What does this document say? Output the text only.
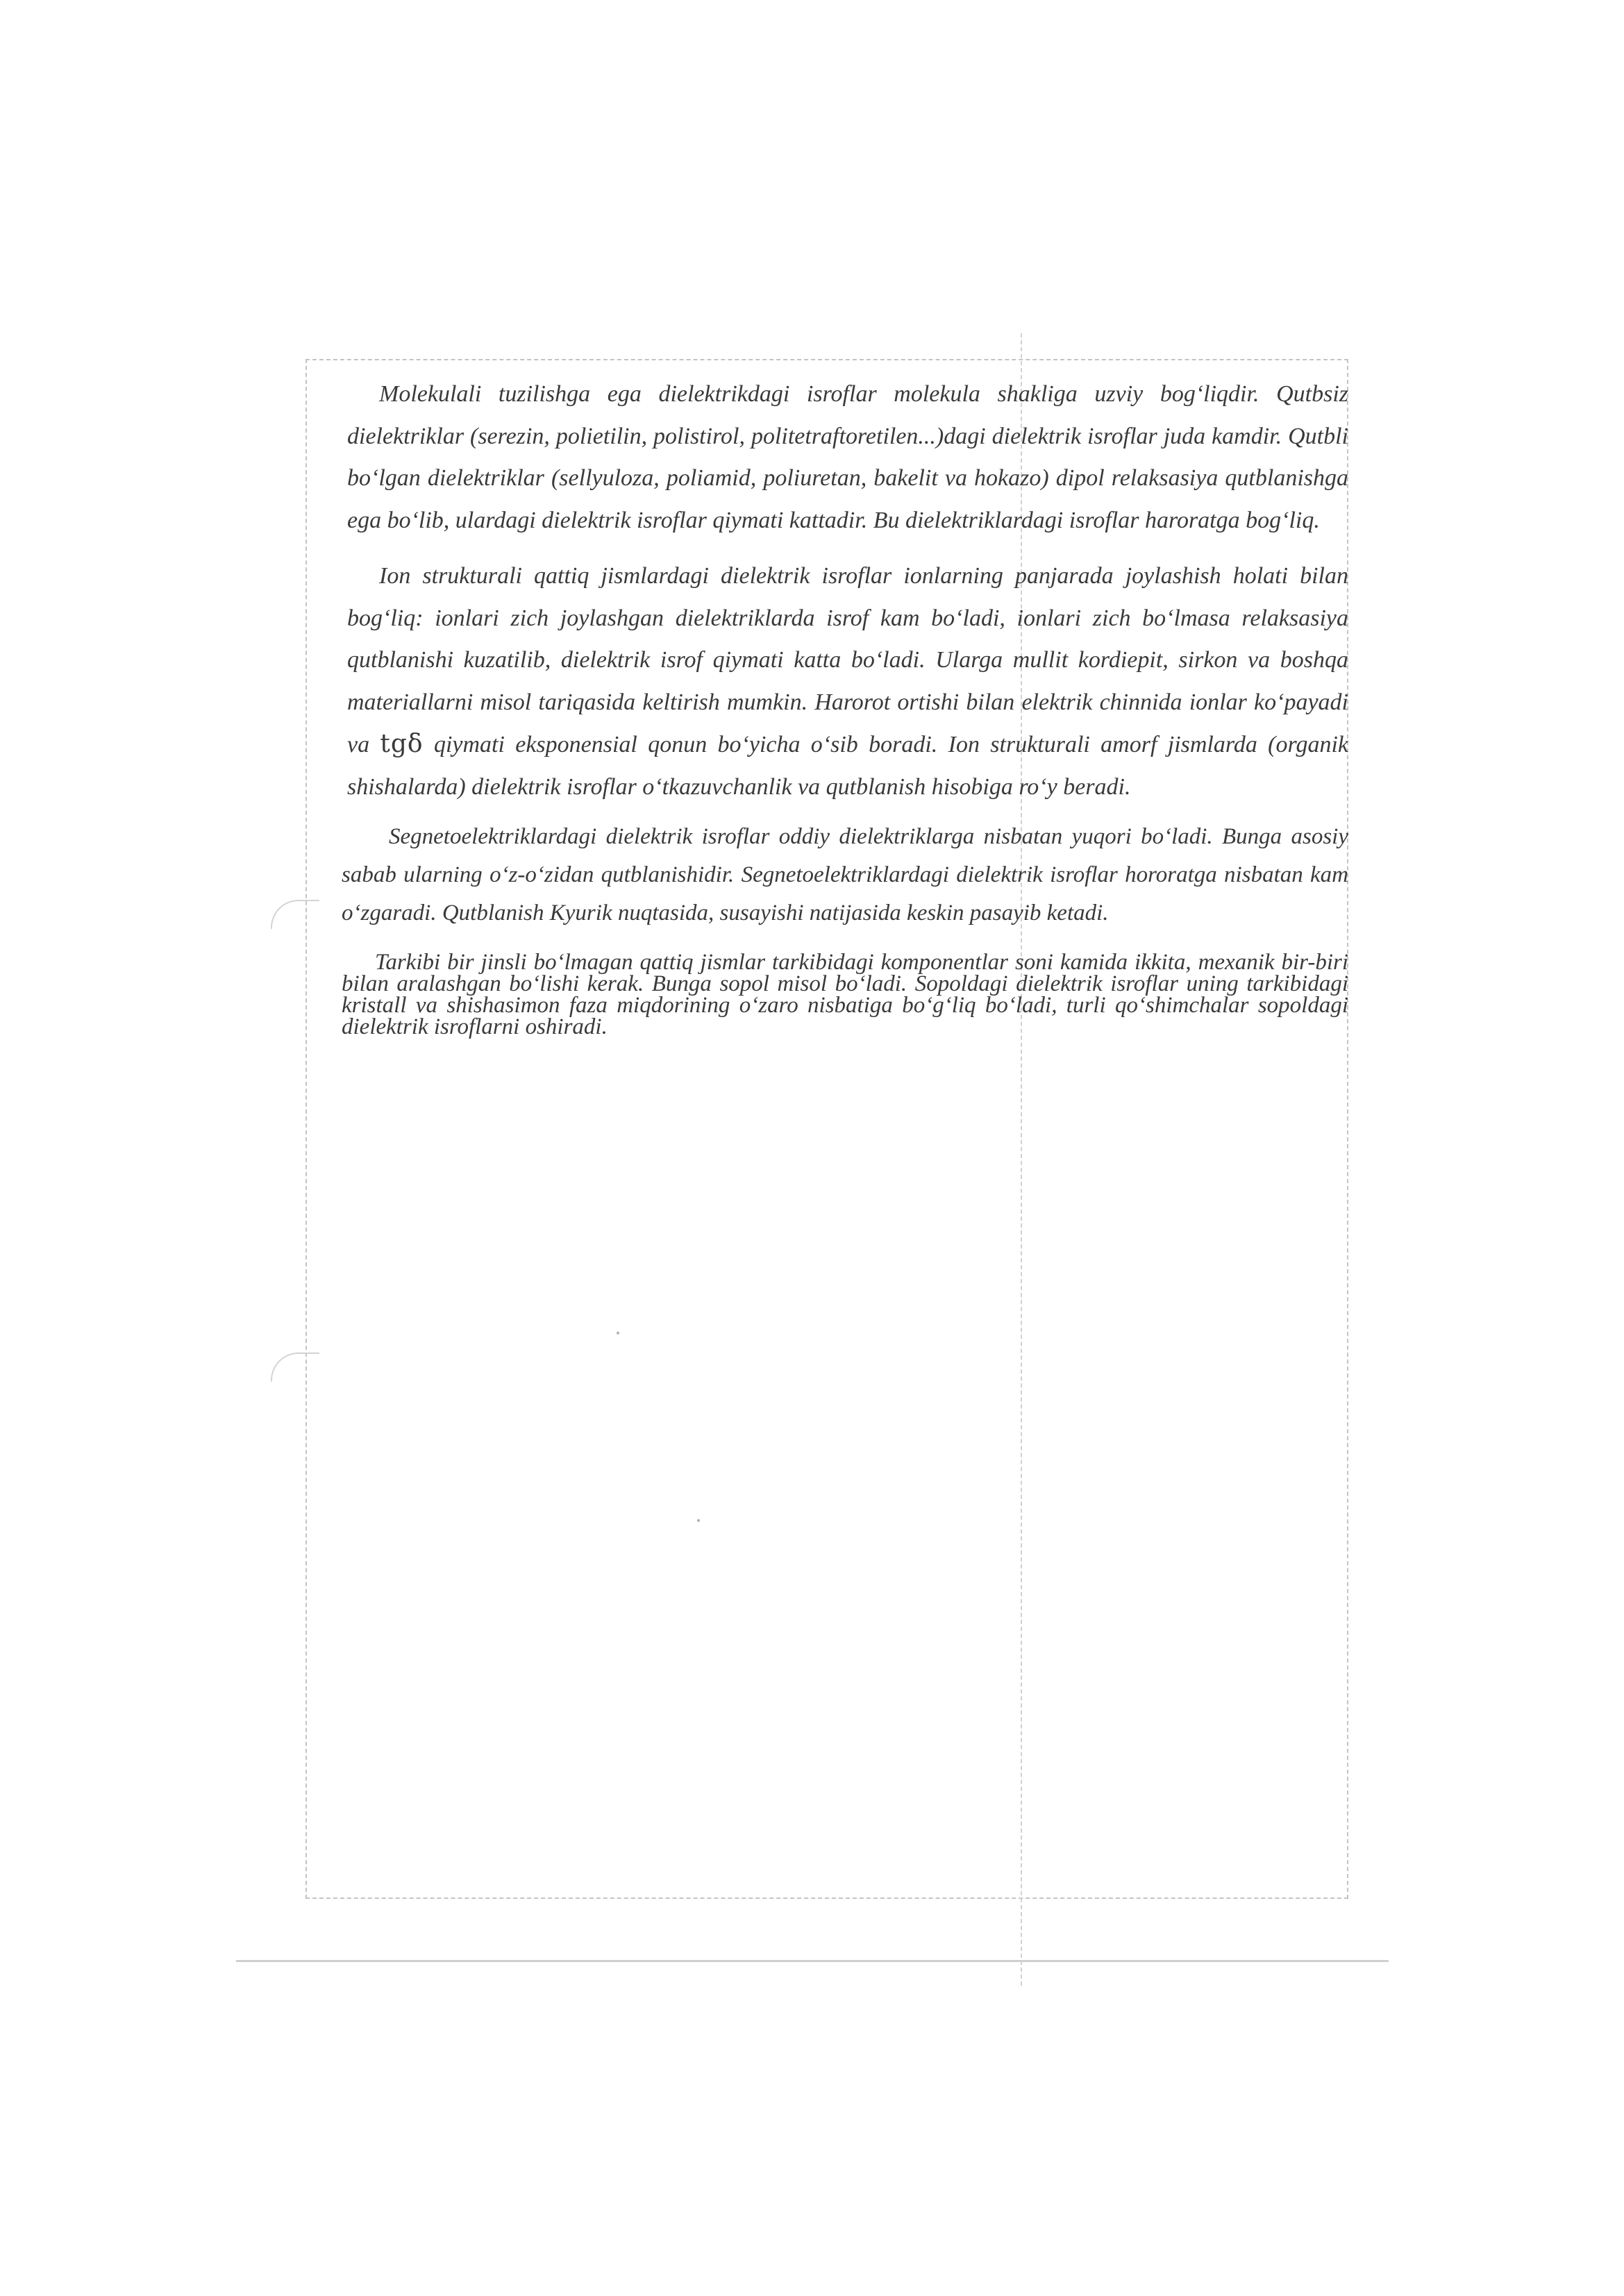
Molekulali tuzilishga ega dielektrikdagi isroflar molekula shakliga uzviy bog‘liqdir. Qutbsiz dielektriklar (serezin, polietilin, polistirol, politetraftoretilen...)dagi dielektrik isroflar juda kamdir. Qutbli bo‘lgan dielektriklar (sellyuloza, poliamid, poliuretan, bakelit va hokazo) dipol relaksasiya qutblanishga ega bo‘lib, ulardagi dielektrik isroflar qiymati kattadir. Bu dielektriklardagi isroflar haroratga bog‘liq.

Ion strukturali qattiq jismlardagi dielektrik isroflar ionlarning panjarada joylashish holati bilan bog‘liq: ionlari zich joylashgan dielektriklarda isrof kam bo‘ladi, ionlari zich bo‘lmasa relaksasiya qutblanishi kuzatilib, dielektrik isrof qiymati katta bo‘ladi. Ularga mullit kordiepit, sirkon va boshqa materiallarni misol tariqasida keltirish mumkin. Harorot ortishi bilan elektrik chinnida ionlar ko‘payadi va tgδ qiymati eksponensial qonun bo‘yicha o‘sib boradi. Ion strukturali amorf jismlarda (organik shishalarda) dielektrik isroflar o‘tkazuvchanlik va qutblanish hisobiga ro‘y beradi.

Segnetoelektriklardagi dielektrik isroflar oddiy dielektriklarga nisbatan yuqori bo‘ladi. Bunga asosiy sabab ularning o‘z-o‘zidan qutblanishidir. Segnetoelektriklardagi dielektrik isroflar hororatga nisbatan kam o‘zgaradi. Qutblanish Kyurik nuqtasida, susayishi natijasida keskin pasayib ketadi.

Tarkibi bir jinsli bo‘lmagan qattiq jismlar tarkibidagi komponentlar soni kamida ikkita, mexanik bir-biri bilan aralashgan bo‘lishi kerak. Bunga sopol misol bo‘ladi. Sopoldagi dielektrik isroflar uning tarkibidagi kristall va shishasimon faza miqdorining o‘zaro nisbatiga bo‘g‘liq bo‘ladi, turli qo‘shimchalar sopoldagi dielektrik isroflarni oshiradi.
